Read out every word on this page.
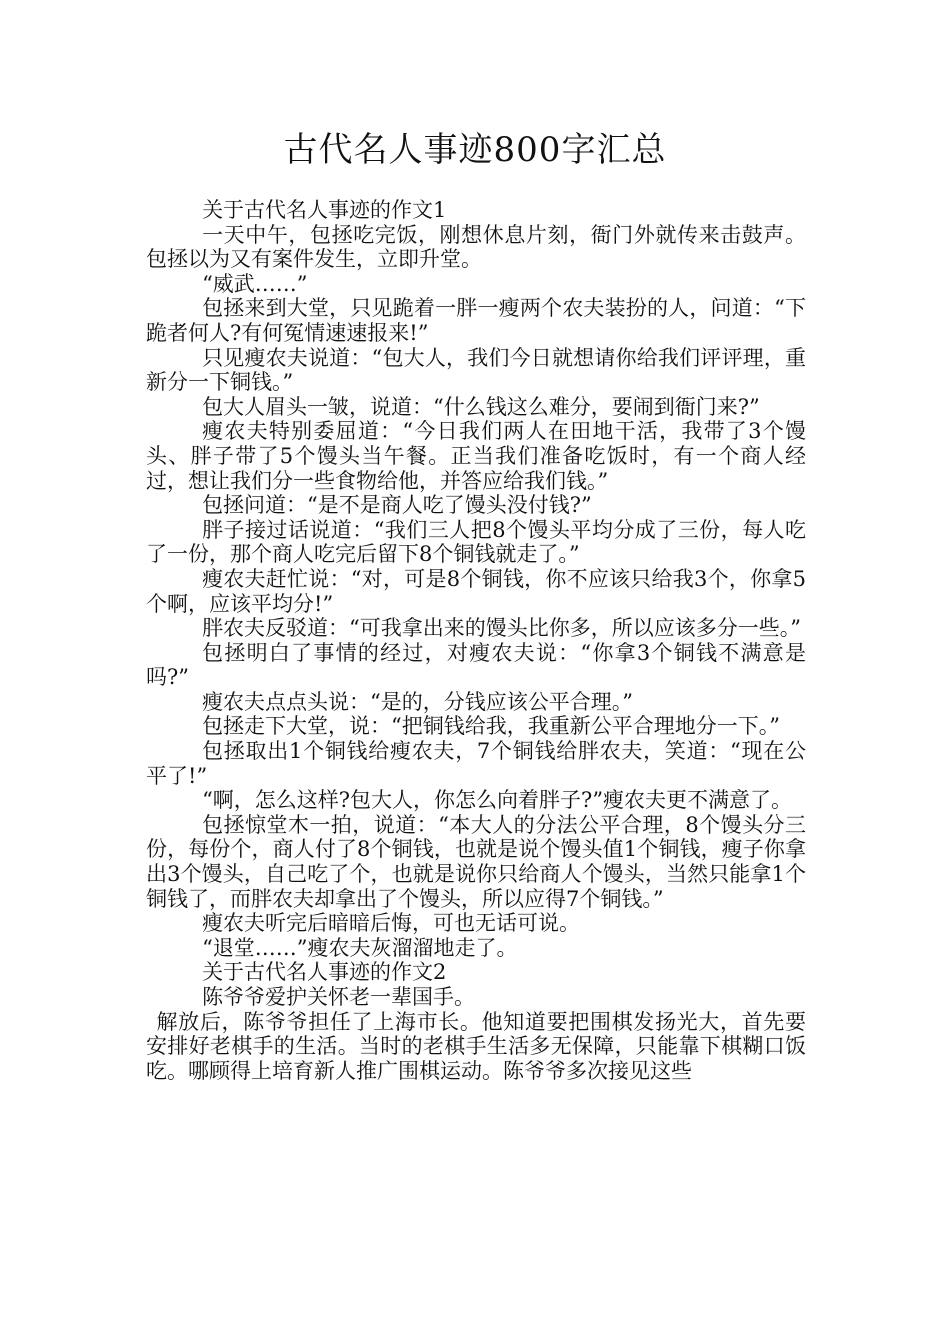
古代名人事迹800字汇总

关于古代名人事迹的作文1

一天中午，包拯吃完饭，刚想休息片刻，衙门外就传来击鼓声。包拯以为又有案件发生，立即升堂。

“威武……”

包拯来到大堂，只见跪着一胖一瘦两个农夫装扮的人，问道：“下跪者何人?有何冤情速速报来!”

只见瘦农夫说道：“包大人，我们今日就想请你给我们评评理，重新分一下铜钱。”

包大人眉头一皱，说道：“什么钱这么难分，要闹到衙门来?”

瘦农夫特别委屈道：“今日我们两人在田地干活，我带了3个馒头、胖子带了5个馒头当午餐。正当我们准备吃饭时，有一个商人经过，想让我们分一些食物给他，并答应给我们钱。”

包拯问道：“是不是商人吃了馒头没付钱?”

胖子接过话说道：“我们三人把8个馒头平均分成了三份，每人吃了一份，那个商人吃完后留下8个铜钱就走了。”

瘦农夫赶忙说：“对，可是8个铜钱，你不应该只给我3个，你拿5个啊，应该平均分!”

胖农夫反驳道：“可我拿出来的馒头比你多，所以应该多分一些。”

包拯明白了事情的经过，对瘦农夫说：“你拿3个铜钱不满意是吗?”

瘦农夫点点头说：“是的，分钱应该公平合理。”

包拯走下大堂，说：“把铜钱给我，我重新公平合理地分一下。”

包拯取出1个铜钱给瘦农夫，7个铜钱给胖农夫，笑道：“现在公平了!”

“啊，怎么这样?包大人，你怎么向着胖子?”瘦农夫更不满意了。

包拯惊堂木一拍，说道：“本大人的分法公平合理，8个馒头分三份，每份个，商人付了8个铜钱，也就是说个馒头值1个铜钱，瘦子你拿出3个馒头，自己吃了个，也就是说你只给商人个馒头，当然只能拿1个铜钱了，而胖农夫却拿出了个馒头，所以应得7个铜钱。”

瘦农夫听完后暗暗后悔，可也无话可说。

“退堂……”瘦农夫灰溜溜地走了。

关于古代名人事迹的作文2

陈爷爷爱护关怀老一辈国手。

解放后，陈爷爷担任了上海市长。他知道要把围棋发扬光大，首先要安排好老棋手的生活。当时的老棋手生活多无保障，只能靠下棋糊口饭吃。哪顾得上培育新人推广围棋运动。陈爷爷多次接见这些
